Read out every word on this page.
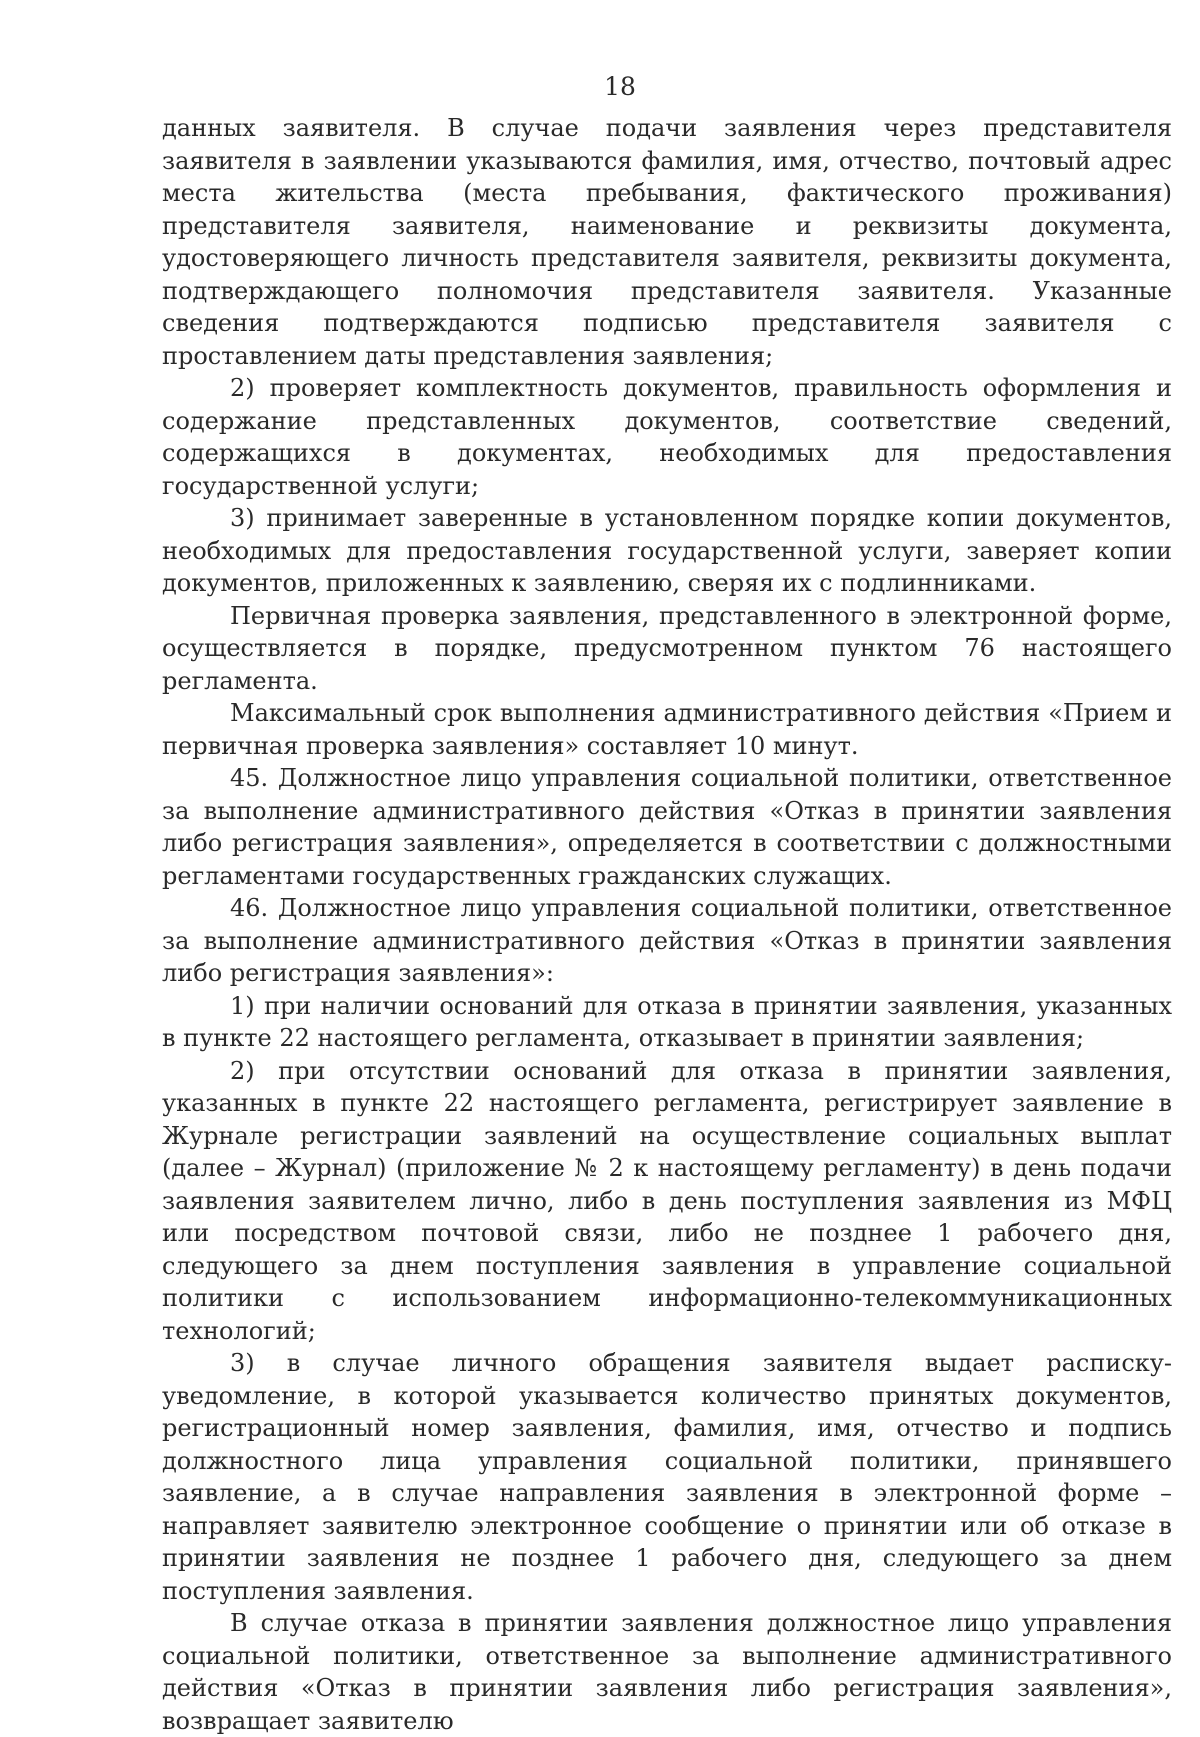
18

данных заявителя. В случае подачи заявления через представителя заявителя в заявлении указываются фамилия, имя, отчество, почтовый адрес места жительства (места пребывания, фактического проживания) представителя заявителя, наименование и реквизиты документа, удостоверяющего личность представителя заявителя, реквизиты документа, подтверждающего полномочия представителя заявителя. Указанные сведения подтверждаются подписью представителя заявителя с проставлением даты представления заявления;

2) проверяет комплектность документов, правильность оформления и содержание представленных документов, соответствие сведений, содержащихся в документах, необходимых для предоставления государственной услуги;

3) принимает заверенные в установленном порядке копии документов, необходимых для предоставления государственной услуги, заверяет копии документов, приложенных к заявлению, сверяя их с подлинниками.

Первичная проверка заявления, представленного в электронной форме, осуществляется в порядке, предусмотренном пунктом 76 настоящего регламента.

Максимальный срок выполнения административного действия «Прием и первичная проверка заявления» составляет 10 минут.

45. Должностное лицо управления социальной политики, ответственное за выполнение административного действия «Отказ в принятии заявления либо регистрация заявления», определяется в соответствии с должностными регламентами государственных гражданских служащих.

46. Должностное лицо управления социальной политики, ответственное за выполнение административного действия «Отказ в принятии заявления либо регистрация заявления»:

1) при наличии оснований для отказа в принятии заявления, указанных в пункте 22 настоящего регламента, отказывает в принятии заявления;

2) при отсутствии оснований для отказа в принятии заявления, указанных в пункте 22 настоящего регламента, регистрирует заявление в Журнале регистрации заявлений на осуществление социальных выплат (далее – Журнал) (приложение № 2 к настоящему регламенту) в день подачи заявления заявителем лично, либо в день поступления заявления из МФЦ или посредством почтовой связи, либо не позднее 1 рабочего дня, следующего за днем поступления заявления в управление социальной политики с использованием информационно-телекоммуникационных технологий;

3) в случае личного обращения заявителя выдает расписку-уведомление, в которой указывается количество принятых документов, регистрационный номер заявления, фамилия, имя, отчество и подпись должностного лица управления социальной политики, принявшего заявление, а в случае направления заявления в электронной форме – направляет заявителю электронное сообщение о принятии или об отказе в принятии заявления не позднее 1 рабочего дня, следующего за днем поступления заявления.

В случае отказа в принятии заявления должностное лицо управления социальной политики, ответственное за выполнение административного действия «Отказ в принятии заявления либо регистрация заявления», возвращает заявителю
